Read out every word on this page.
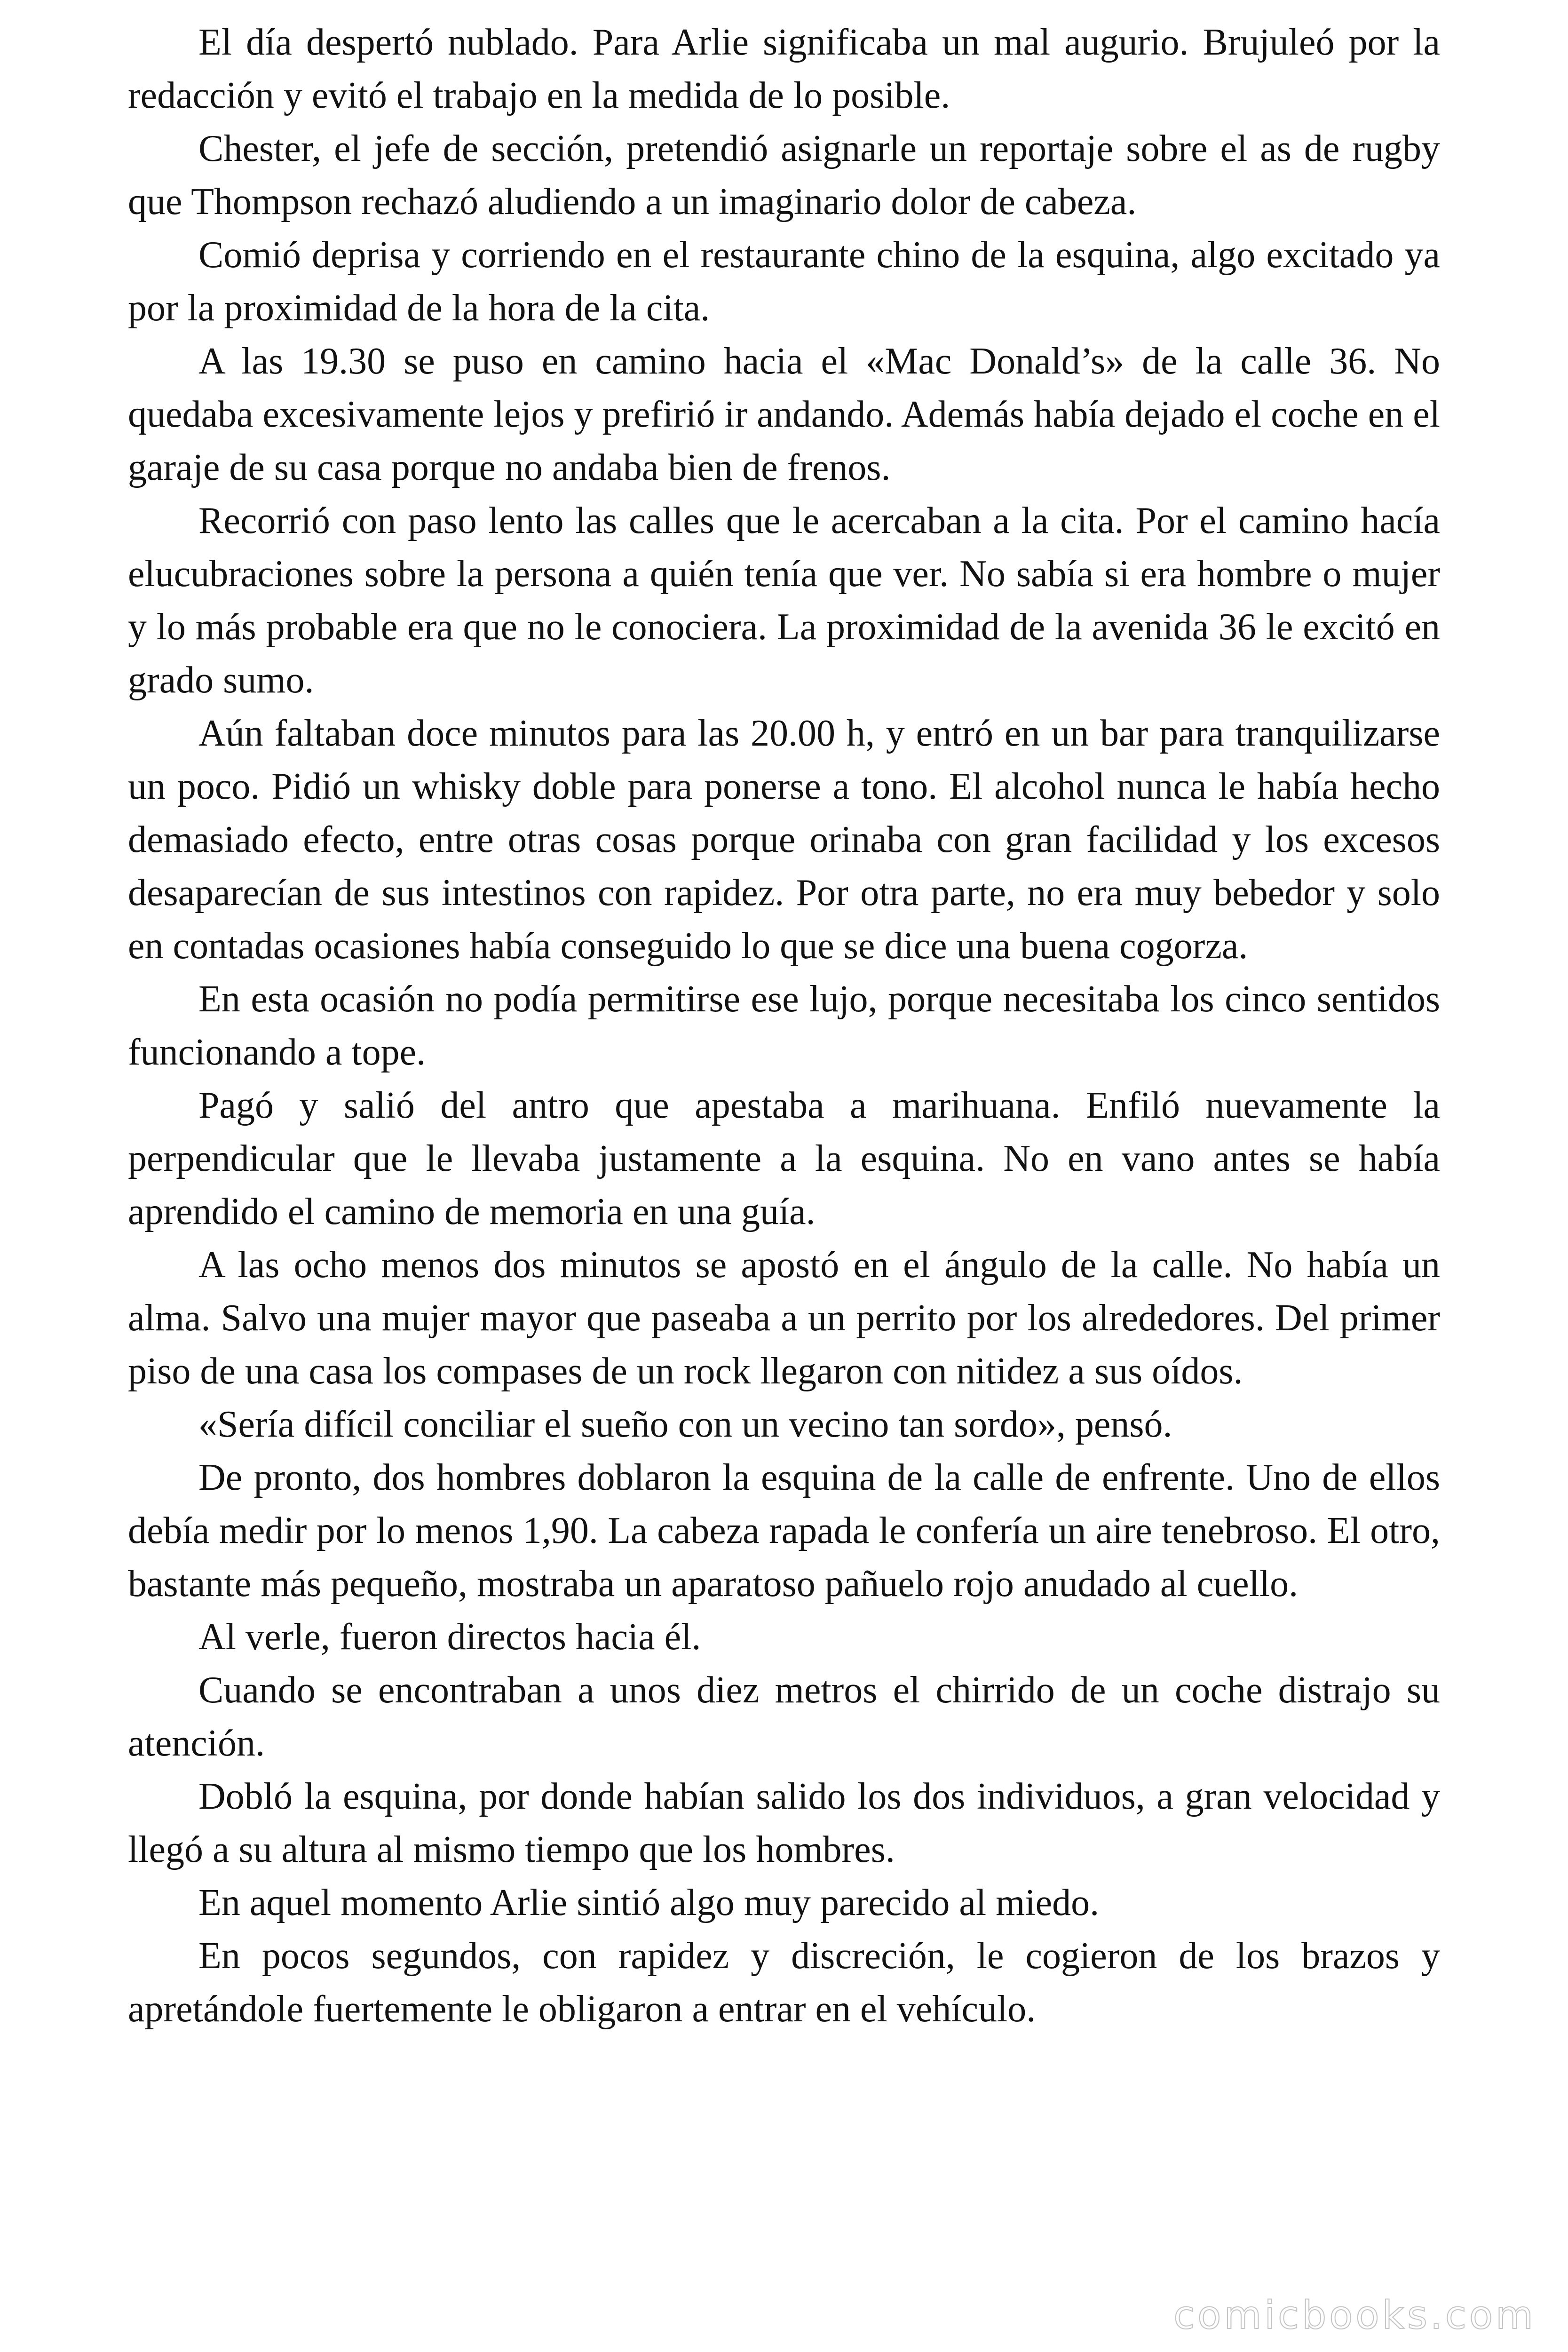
El día despertó nublado. Para Arlie significaba un mal augurio. Brujuleó por la redacción y evitó el trabajo en la medida de lo posible.

Chester, el jefe de sección, pretendió asignarle un reportaje sobre el as de rugby que Thompson rechazó aludiendo a un imaginario dolor de cabeza.

Comió deprisa y corriendo en el restaurante chino de la esquina, algo excitado ya por la proximidad de la hora de la cita.

A las 19.30 se puso en camino hacia el «Mac Donald’s» de la calle 36. No quedaba excesivamente lejos y prefirió ir andando. Además había dejado el coche en el garaje de su casa porque no andaba bien de frenos.

Recorrió con paso lento las calles que le acercaban a la cita. Por el camino hacía elucubraciones sobre la persona a quién tenía que ver. No sabía si era hombre o mujer y lo más probable era que no le conociera. La proximidad de la avenida 36 le excitó en grado sumo.

Aún faltaban doce minutos para las 20.00 h, y entró en un bar para tranquilizarse un poco. Pidió un whisky doble para ponerse a tono. El alcohol nunca le había hecho demasiado efecto, entre otras cosas porque orinaba con gran facilidad y los excesos desaparecían de sus intestinos con rapidez. Por otra parte, no era muy bebedor y solo en contadas ocasiones había conseguido lo que se dice una buena cogorza.

En esta ocasión no podía permitirse ese lujo, porque necesitaba los cinco sentidos funcionando a tope.

Pagó y salió del antro que apestaba a marihuana. Enfiló nuevamente la perpendicular que le llevaba justamente a la esquina. No en vano antes se había aprendido el camino de memoria en una guía.

A las ocho menos dos minutos se apostó en el ángulo de la calle. No había un alma. Salvo una mujer mayor que paseaba a un perrito por los alrededores. Del primer piso de una casa los compases de un rock llegaron con nitidez a sus oídos.

«Sería difícil conciliar el sueño con un vecino tan sordo», pensó.

De pronto, dos hombres doblaron la esquina de la calle de enfrente. Uno de ellos debía medir por lo menos 1,90. La cabeza rapada le confería un aire tenebroso. El otro, bastante más pequeño, mostraba un aparatoso pañuelo rojo anudado al cuello.

Al verle, fueron directos hacia él.

Cuando se encontraban a unos diez metros el chirrido de un coche distrajo su atención.

Dobló la esquina, por donde habían salido los dos individuos, a gran velocidad y llegó a su altura al mismo tiempo que los hombres.

En aquel momento Arlie sintió algo muy parecido al miedo.

En pocos segundos, con rapidez y discreción, le cogieron de los brazos y apretándole fuertemente le obligaron a entrar en el vehículo.

comicbooks.com
